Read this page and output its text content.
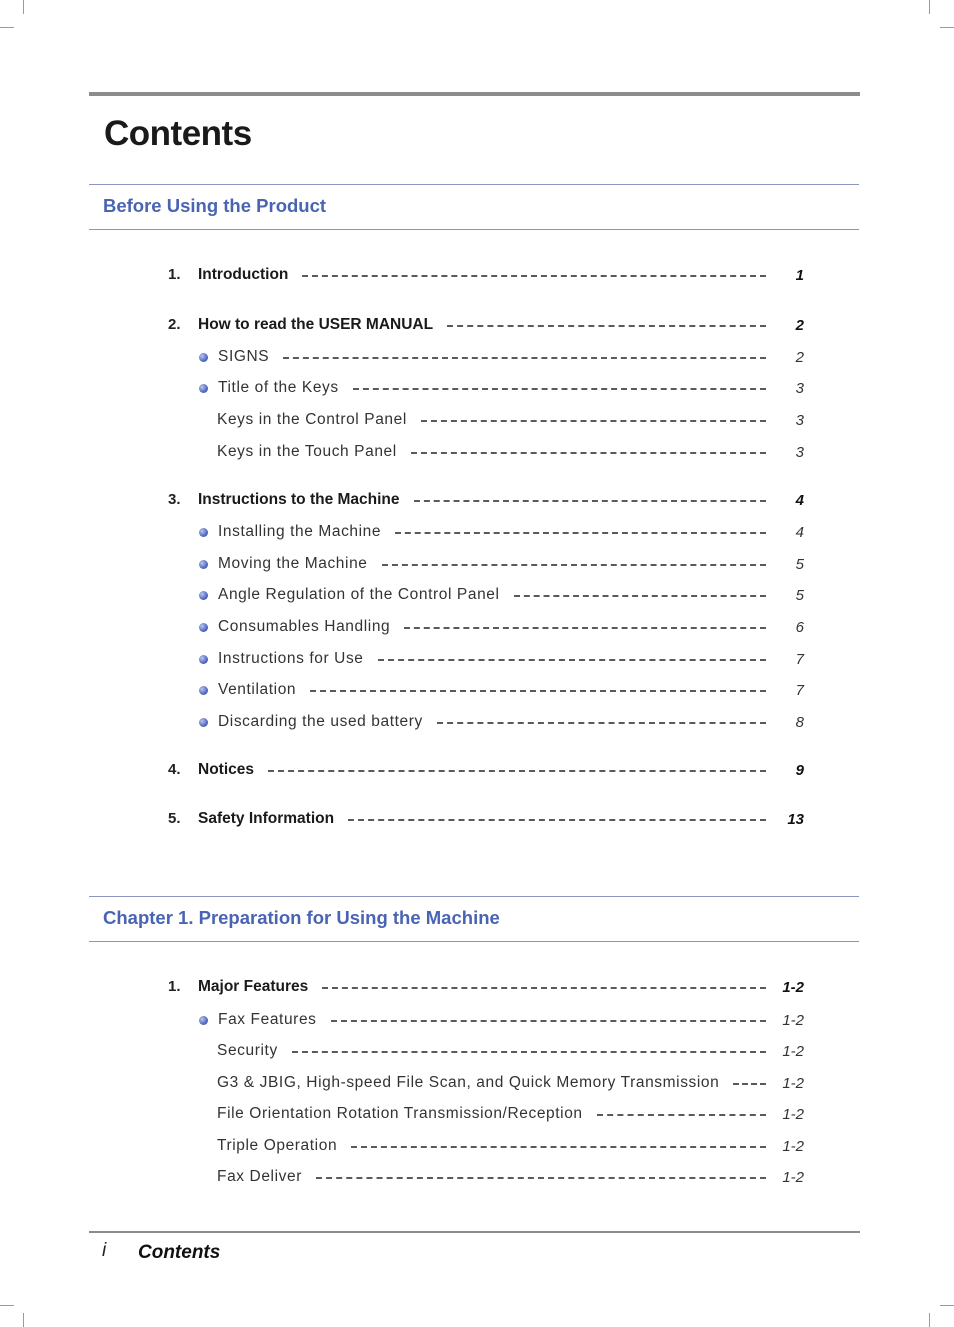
Contents
Before Using the Product
Chapter 1. Preparation for Using the Machine
1. Introduction	1
2. How to read the USER MANUAL	2
SIGNS	2
Title of the Keys	3
Keys in the Control Panel	3
Keys in the Touch Panel	3
3. Instructions to the Machine	4
Installing the Machine	4
Moving the Machine	5
Angle Regulation of the Control Panel	5
Consumables Handling	6
Instructions for Use	7
Ventilation	7
Discarding the used battery	8
4. Notices	9
5. Safety Information	13
1. Major Features	1-2
Fax Features	1-2
Security	1-2
G3 & JBIG, High-speed File Scan, and Quick Memory Transmission	1-2
File Orientation Rotation Transmission/Reception	1-2
Triple Operation	1-2
Fax Deliver	1-2
i Contents
